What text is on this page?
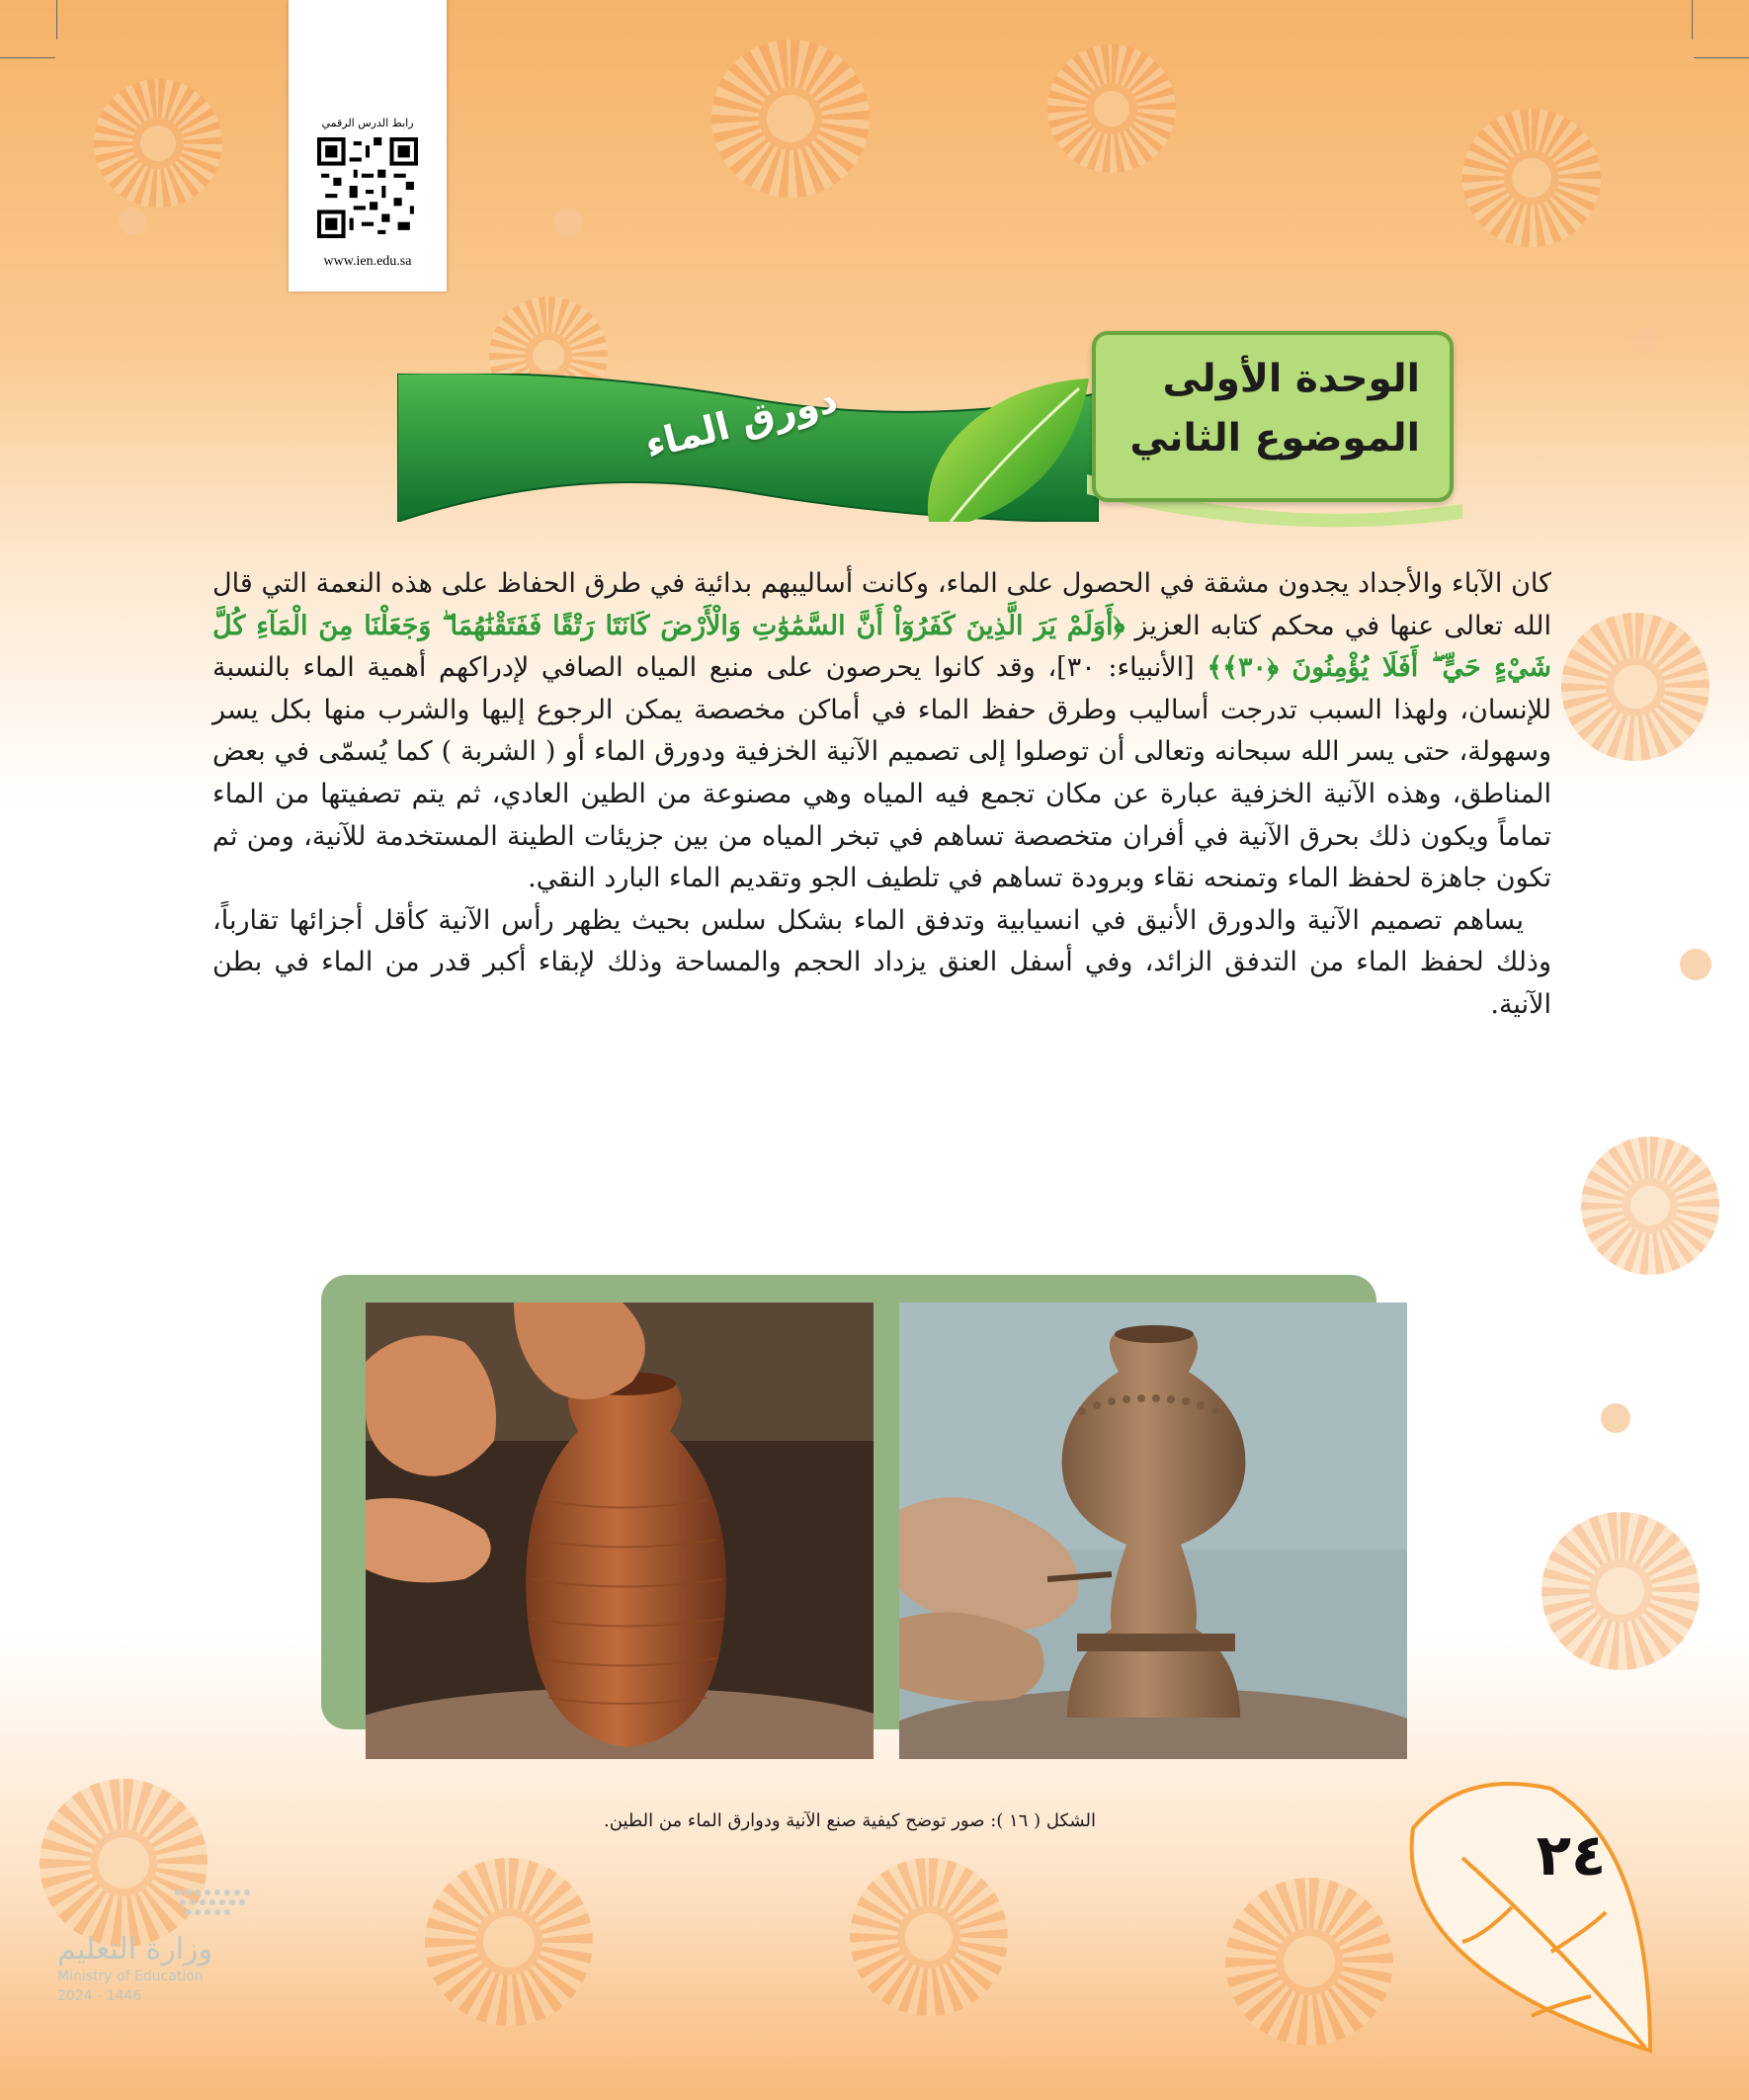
رابط الدرس الرقمي
www.ien.edu.sa
دورق الماء	الوحدة الأولى
الموضوع الثاني

كان الآباء والأجداد يجدون مشقة في الحصول على الماء، وكانت أساليبهم بدائية في طرق الحفاظ على هذه النعمة التي قال الله تعالى عنها في محكم كتابه العزيز ﴿أَوَلَمْ يَرَ الَّذِينَ كَفَرُوٓاْ أَنَّ السَّمَٰوَٰتِ وَالْأَرْضَ كَانَتَا رَتْقًا فَفَتَقْنَٰهُمَا ۖ وَجَعَلْنَا مِنَ الْمَآءِ كُلَّ شَيْءٍ حَيٍّ ۖ أَفَلَا يُؤْمِنُونَ ﴿٣٠﴾﴾ [الأنبياء: ٣٠]، وقد كانوا يحرصون على منبع المياه الصافي لإدراكهم أهمية الماء بالنسبة للإنسان، ولهذا السبب تدرجت أساليب وطرق حفظ الماء في أماكن مخصصة يمكن الرجوع إليها والشرب منها بكل يسر وسهولة، حتى يسر الله سبحانه وتعالى أن توصلوا إلى تصميم الآنية الخزفية ودورق الماء أو ( الشربة ) كما يُسمّى في بعض المناطق، وهذه الآنية الخزفية عبارة عن مكان تجمع فيه المياه وهي مصنوعة من الطين العادي، ثم يتم تصفيتها من الماء تماماً ويكون ذلك بحرق الآنية في أفران متخصصة تساهم في تبخر المياه من بين جزيئات الطينة المستخدمة للآنية، ومن ثم تكون جاهزة لحفظ الماء وتمنحه نقاء وبرودة تساهم في تلطيف الجو وتقديم الماء البارد النقي.

يساهم تصميم الآنية والدورق الأنيق في انسيابية وتدفق الماء بشكل سلس بحيث يظهر رأس الآنية كأقل أجزائها تقارباً، وذلك لحفظ الماء من التدفق الزائد، وفي أسفل العنق يزداد الحجم والمساحة وذلك لإبقاء أكبر قدر من الماء في بطن الآنية.

الشكل ( ١٦ ): صور توضح كيفية صنع الآنية ودوارق الماء من الطين.
٢٤
وزارة التعليم
Ministry of Education
2024 - 1446
